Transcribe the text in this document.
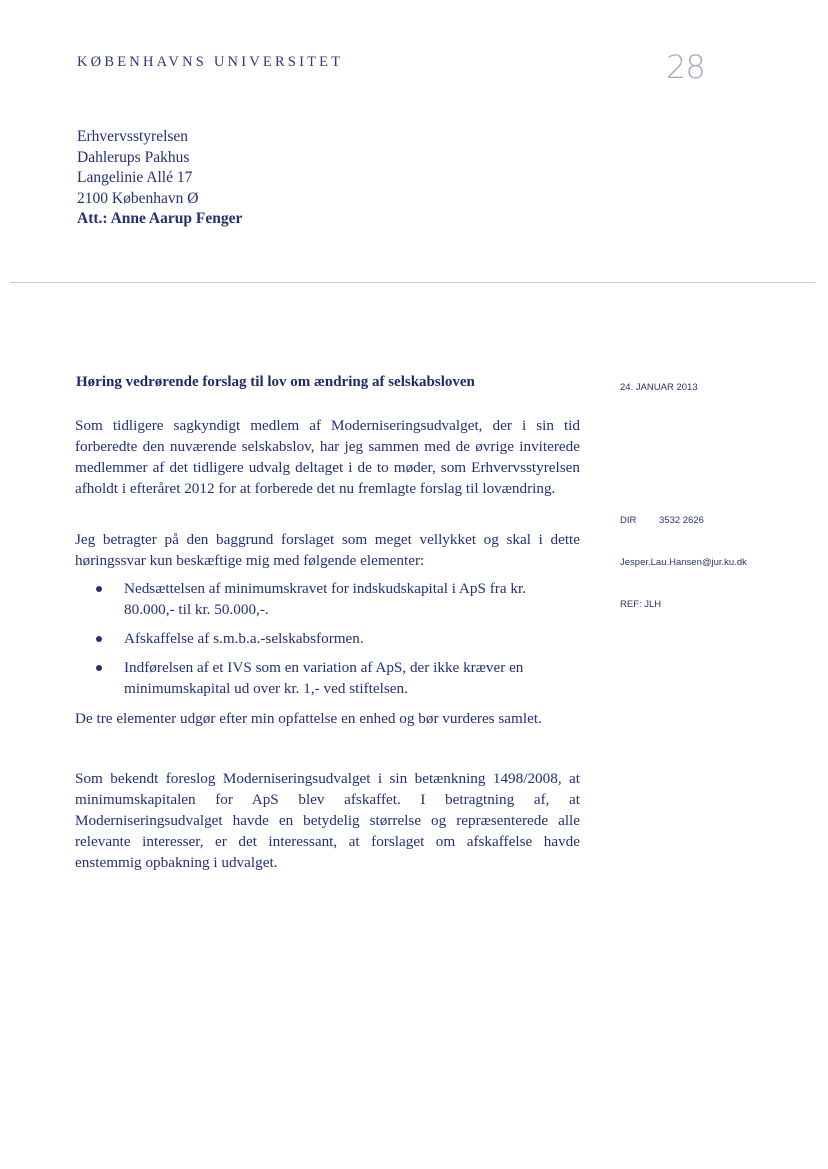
KØBENHAVNS UNIVERSITET	28
Erhvervsstyrelsen
Dahlerups Pakhus
Langelinie Allé 17
2100 København Ø
Att.: Anne Aarup Fenger
Høring vedrørende forslag til lov om ændring af selskabsloven	24. JANUAR 2013
DIR 3532 2626
Jesper.Lau.Hansen@jur.ku.dk
REF: JLH

Som tidligere sagkyndigt medlem af Moderniseringsudvalget, der i sin tid forberedte den nuværende selskabslov, har jeg sammen med de øvrige inviterede medlemmer af det tidligere udvalg deltaget i de to møder, som Erhvervsstyrelsen afholdt i efteråret 2012 for at forberede det nu fremlagte forslag til lovændring.

Jeg betragter på den baggrund forslaget som meget vellykket og skal i dette høringssvar kun beskæftige mig med følgende elementer:

Nedsættelsen af minimumskravet for indskudskapital i ApS fra kr. 80.000,- til kr. 50.000,-.
Afskaffelse af s.m.b.a.-selskabsformen.
Indførelsen af et IVS som en variation af ApS, der ikke kræver en minimumskapital ud over kr. 1,- ved stiftelsen.

De tre elementer udgør efter min opfattelse en enhed og bør vurderes samlet.

Som bekendt foreslog Moderniseringsudvalget i sin betænkning 1498/2008, at minimumskapitalen for ApS blev afskaffet. I betragtning af, at Moderniseringsudvalget havde en betydelig størrelse og repræsenterede alle relevante interesser, er det interessant, at forslaget om afskaffelse havde enstemmig opbakning i udvalget.
